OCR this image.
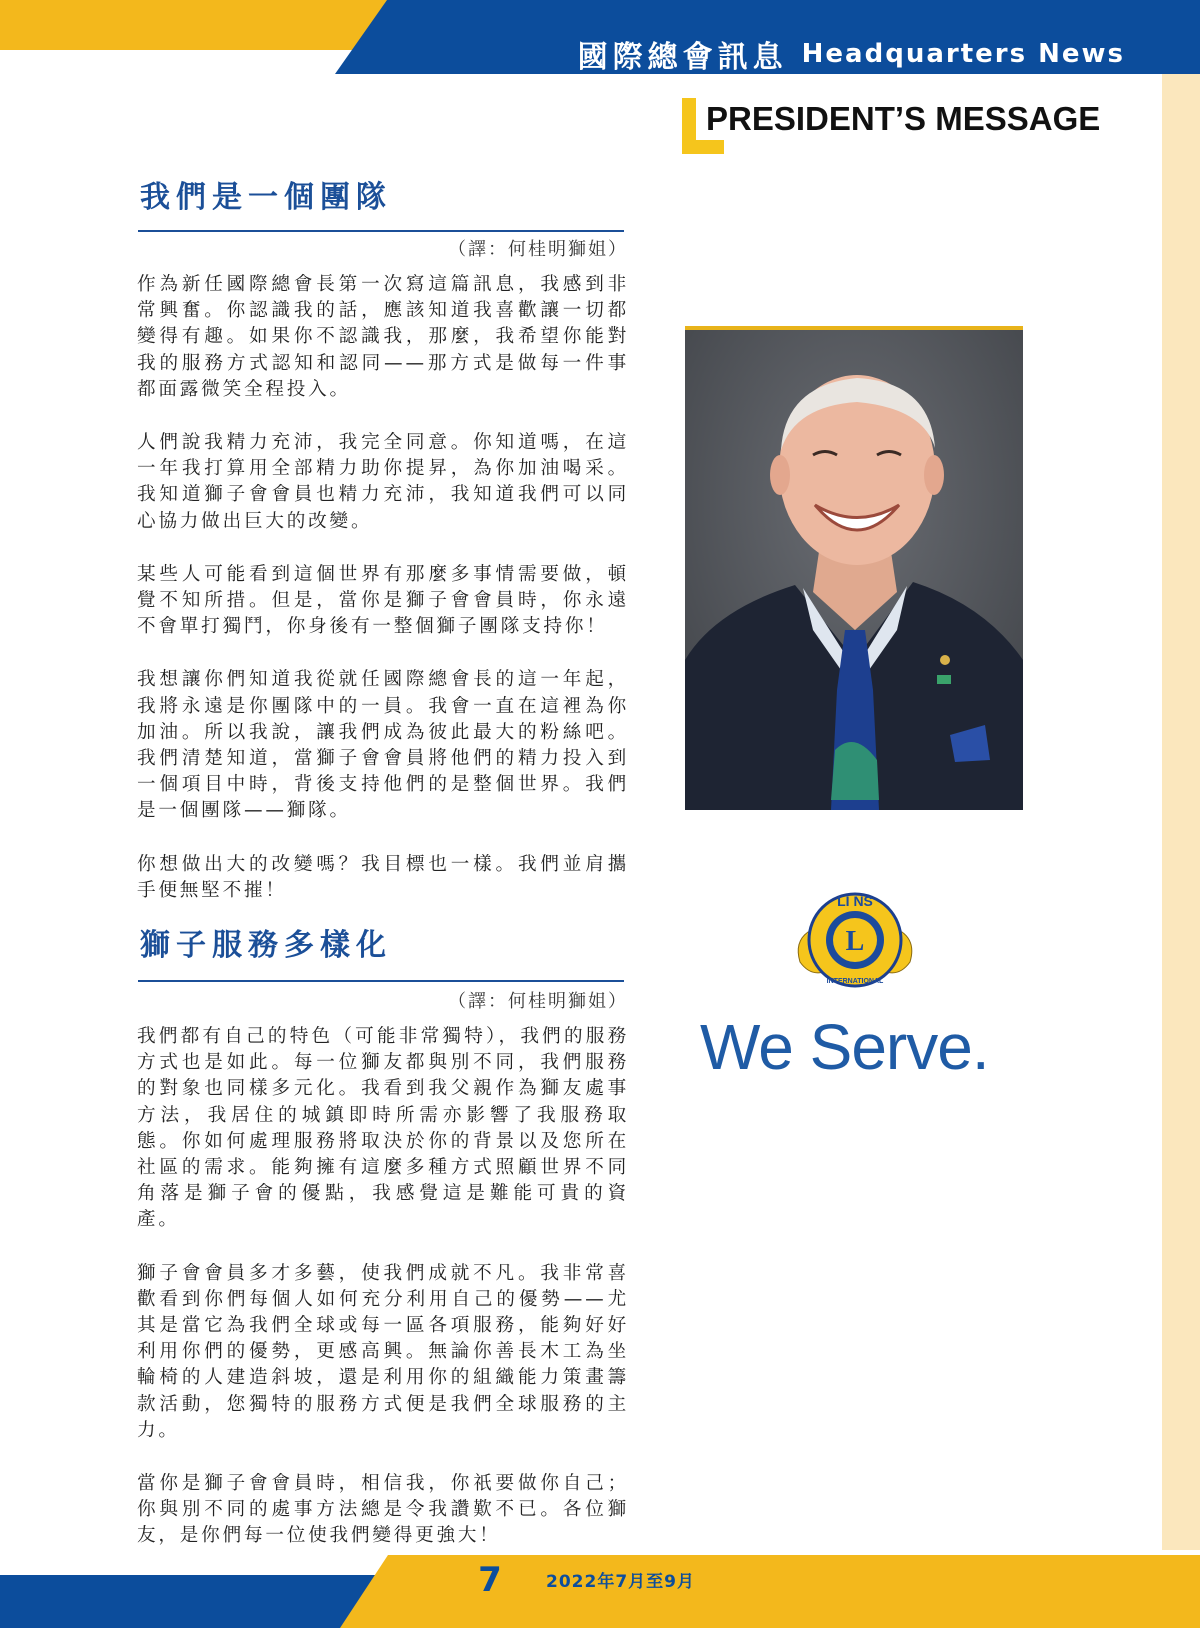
國際總會訊息 Headquarters News
PRESIDENT’S MESSAGE
我們是一個團隊
（譯：何桂明獅姐）

作為新任國際總會長第一次寫這篇訊息，我感到非常興奮。你認識我的話，應該知道我喜歡讓一切都變得有趣。如果你不認識我，那麼，我希望你能對我的服務方式認知和認同——那方式是做每一件事都面露微笑全程投入。

人們說我精力充沛，我完全同意。你知道嗎，在這一年我打算用全部精力助你提昇，為你加油喝采。我知道獅子會會員也精力充沛，我知道我們可以同心協力做出巨大的改變。

某些人可能看到這個世界有那麼多事情需要做，頓覺不知所措。但是，當你是獅子會會員時，你永遠不會單打獨鬥，你身後有一整個獅子團隊支持你！

我想讓你們知道我從就任國際總會長的這一年起，我將永遠是你團隊中的一員。我會一直在這裡為你加油。所以我說，讓我們成為彼此最大的粉絲吧。我們清楚知道，當獅子會會員將他們的精力投入到一個項目中時，背後支持他們的是整個世界。我們是一個團隊——獅隊。

你想做出大的改變嗎？我目標也一樣。我們並肩攜手便無堅不摧！

獅子服務多樣化
（譯：何桂明獅姐）

我們都有自己的特色（可能非常獨特），我們的服務方式也是如此。每一位獅友都與別不同，我們服務的對象也同樣多元化。我看到我父親作為獅友處事方法，我居住的城鎮即時所需亦影響了我服務取態。你如何處理服務將取決於你的背景以及您所在社區的需求。能夠擁有這麼多種方式照顧世界不同角落是獅子會的優點，我感覺這是難能可貴的資產。

獅子會會員多才多藝，使我們成就不凡。我非常喜歡看到你們每個人如何充分利用自己的優勢——尤其是當它為我們全球或每一區各項服務，能夠好好利用你們的優勢，更感高興。無論你善長木工為坐輪椅的人建造斜坡，還是利用你的組織能力策畫籌款活動，您獨特的服務方式便是我們全球服務的主力。

當你是獅子會會員時，相信我，你祇要做你自己；你與別不同的處事方法總是令我讚歎不已。各位獅友，是你們每一位使我們變得更強大！

L
LI NS
INTERNATIONAL
We Serve.
7	2022年7月至9月
